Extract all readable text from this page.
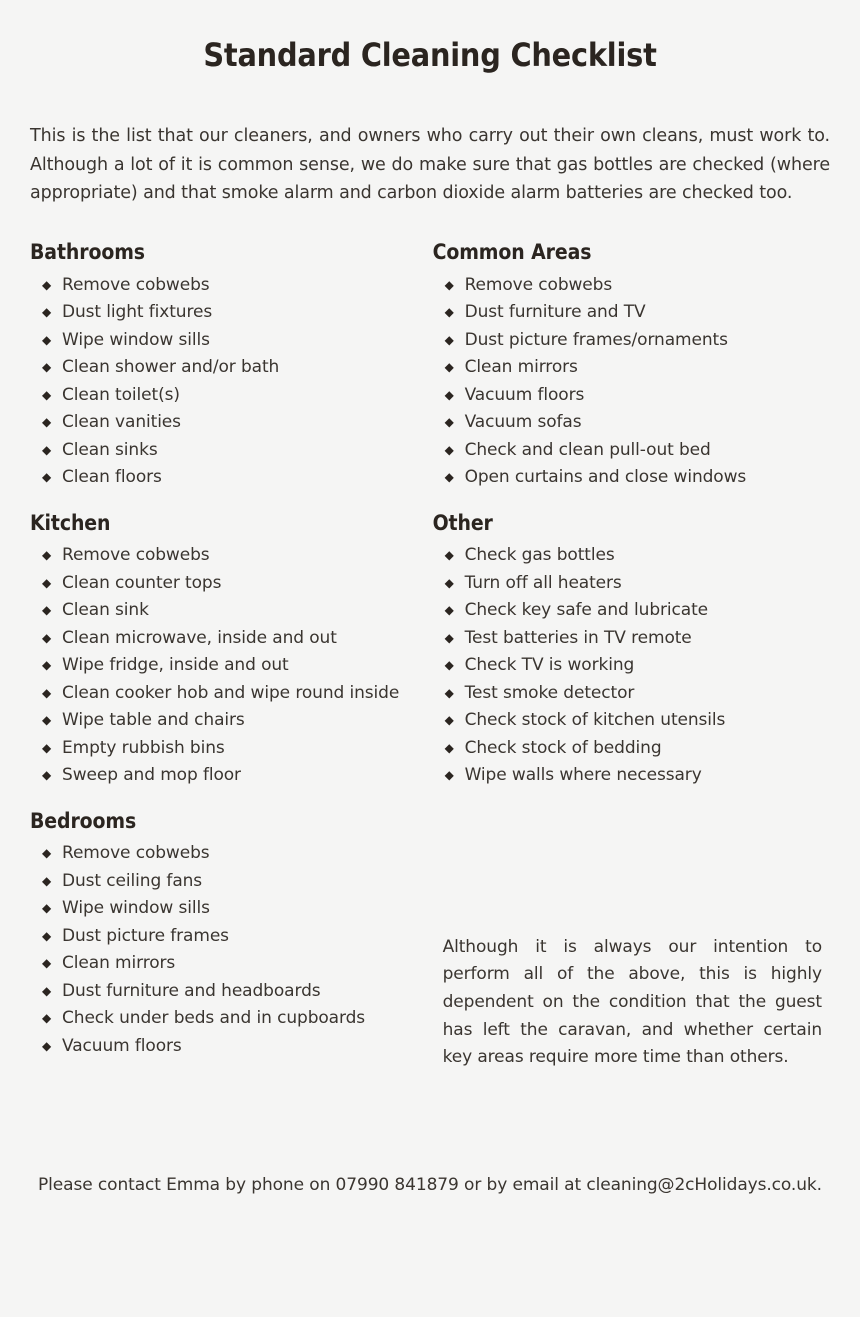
Standard Cleaning Checklist

This is the list that our cleaners, and owners who carry out their own cleans, must work to. Although a lot of it is common sense, we do make sure that gas bottles are checked (where appropriate) and that smoke alarm and carbon dioxide alarm batteries are checked too.

Bathrooms
◆ Remove cobwebs
◆ Dust light fixtures
◆ Wipe window sills
◆ Clean shower and/or bath
◆ Clean toilet(s)
◆ Clean vanities
◆ Clean sinks
◆ Clean floors
Kitchen
◆ Remove cobwebs
◆ Clean counter tops
◆ Clean sink
◆ Clean microwave, inside and out
◆ Wipe fridge, inside and out
◆ Clean cooker hob and wipe round inside
◆ Wipe table and chairs
◆ Empty rubbish bins
◆ Sweep and mop floor
Bedrooms
◆ Remove cobwebs
◆ Dust ceiling fans
◆ Wipe window sills
◆ Dust picture frames
◆ Clean mirrors
◆ Dust furniture and headboards
◆ Check under beds and in cupboards
◆ Vacuum floors
Common Areas
◆ Remove cobwebs
◆ Dust furniture and TV
◆ Dust picture frames/ornaments
◆ Clean mirrors
◆ Vacuum floors
◆ Vacuum sofas
◆ Check and clean pull-out bed
◆ Open curtains and close windows
Other
◆ Check gas bottles
◆ Turn off all heaters
◆ Check key safe and lubricate
◆ Test batteries in TV remote
◆ Check TV is working
◆ Test smoke detector
◆ Check stock of kitchen utensils
◆ Check stock of bedding
◆ Wipe walls where necessary

Although it is always our intention to perform all of the above, this is highly dependent on the condition that the guest has left the caravan, and whether certain key areas require more time than others.

Please contact Emma by phone on 07990 841879 or by email at cleaning@2cHolidays.co.uk.
